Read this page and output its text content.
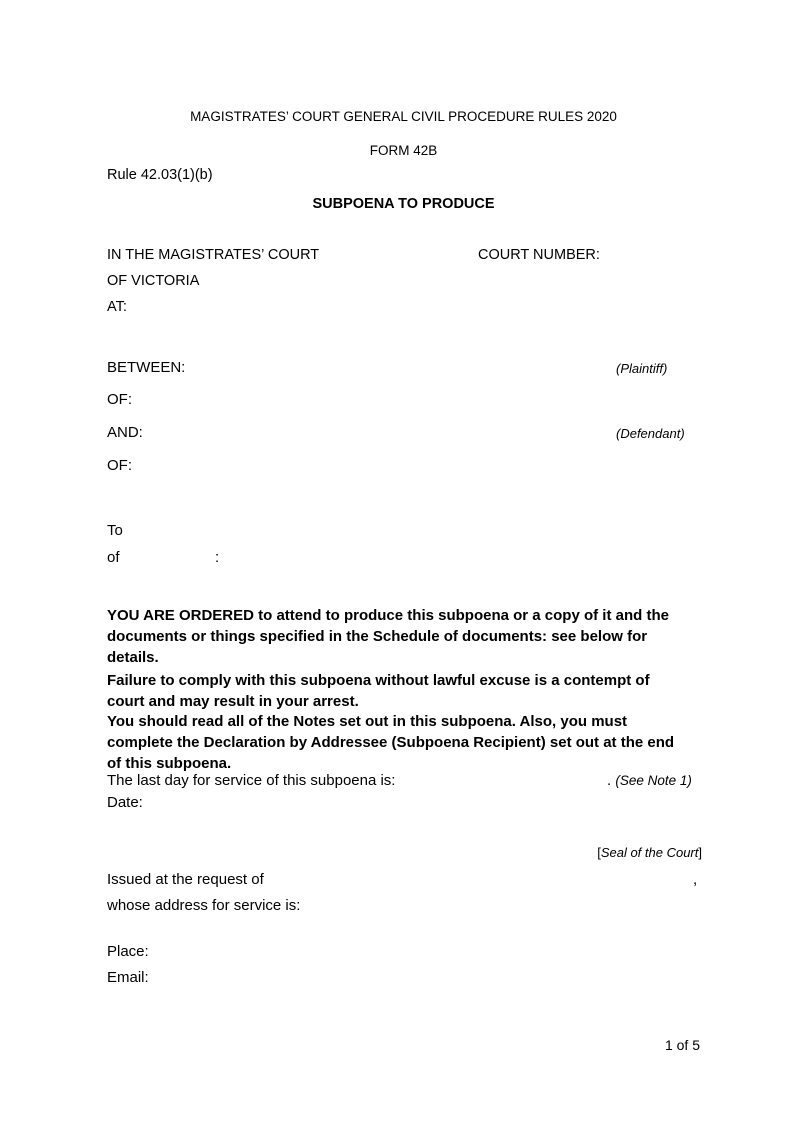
MAGISTRATES’ COURT GENERAL CIVIL PROCEDURE RULES 2020
FORM 42B
Rule 42.03(1)(b)
SUBPOENA TO PRODUCE
IN THE MAGISTRATES’ COURT	COURT NUMBER:
OF VICTORIA
AT:
BETWEEN:	(Plaintiff)
OF:
AND:	(Defendant)
OF:
To
of	:
YOU ARE ORDERED to attend to produce this subpoena or a copy of it and the
documents or things specified in the Schedule of documents: see below for
details.
Failure to comply with this subpoena without lawful excuse is a contempt of
court and may result in your arrest.
You should read all of the Notes set out in this subpoena. Also, you must
complete the Declaration by Addressee (Subpoena Recipient) set out at the end
of this subpoena.
The last day for service of this subpoena is:	. (See Note 1)
Date:
[Seal of the Court]
Issued at the request of	,
whose address for service is:
Place:
Email:
1 of 5
